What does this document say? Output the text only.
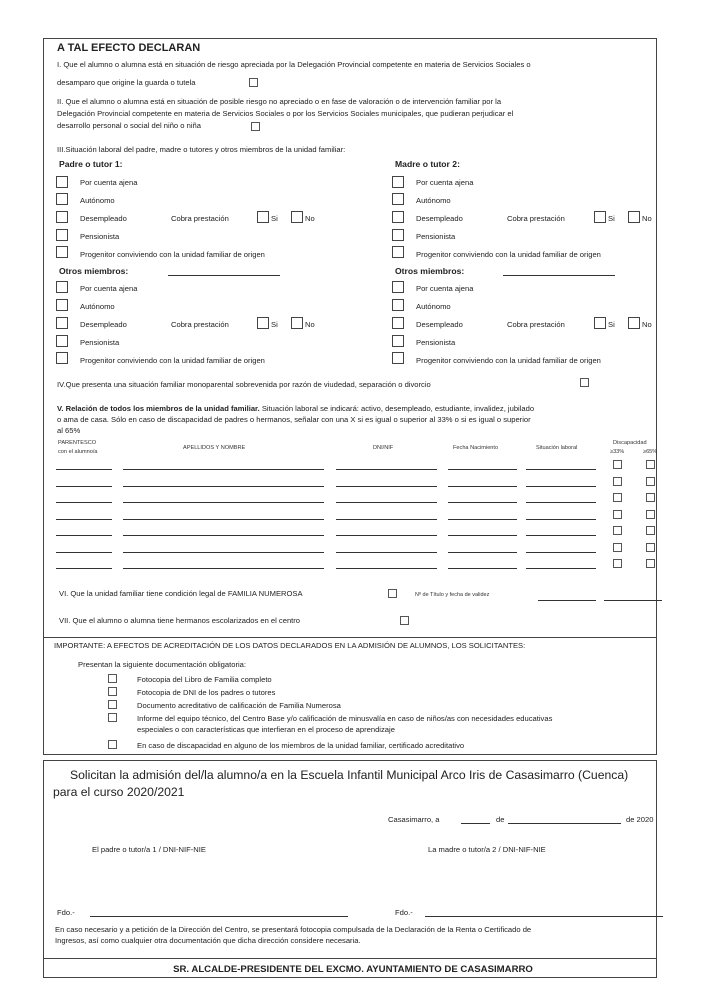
A TAL EFECTO DECLARAN
I. Que el alumno o alumna está en situación de riesgo apreciada por la Delegación Provincial competente en materia de Servicios Sociales o
desamparo que origine la guarda o tutela
II. Que el alumno o alumna está en situación de posible riesgo no apreciado o en fase de valoración o de intervención familiar por la
Delegación Provincial competente en materia de Servicios Sociales o por los Servicios Sociales municipales, que pudieran perjudicar el
desarrollo personal o social del niño o niña
III.Situación laboral del padre, madre o tutores y otros miembros de la unidad familiar:
Padre o tutor 1:	Madre o tutor 2:
Por cuenta ajena
Autónomo
Desempleado	Cobra prestación	Si	No
Pensionista
Progenitor conviviendo con la unidad familiar de origen
Por cuenta ajena
Autónomo
Desempleado	Cobra prestación	Si	No
Pensionista
Progenitor conviviendo con la unidad familiar de origen
Otros miembros:	Otros miembros:
Por cuenta ajena
Autónomo
Desempleado	Cobra prestación	Si	No
Pensionista
Progenitor conviviendo con la unidad familiar de origen
Por cuenta ajena
Autónomo
Desempleado	Cobra prestación	Si	No
Pensionista
Progenitor conviviendo con la unidad familiar de origen
IV.Que presenta una situación familiar monoparental sobrevenida por razón de viudedad, separación o divorcio
V. Relación de todos los miembros de la unidad familiar. Situación laboral se indicará: activo, desempleado, estudiante, invalidez, jubilado
o ama de casa. Sólo en caso de discapacidad de padres o hermanos, señalar con una X si es igual o superior al 33% o si es igual o superior
al 65%
PARENTESCO
con el alumno/a
APELLIDOS Y NOMBRE	DNI/NIF	Fecha Nacimiento	Situación laboral
Discapacidad
≥33%	≥65%
VI. Que la unidad familiar tiene condición legal de FAMILIA NUMEROSA	Nº de Título y fecha de validez
VII. Que el alumno o alumna tiene hermanos escolarizados en el centro
IMPORTANTE: A EFECTOS DE ACREDITACIÓN DE LOS DATOS DECLARADOS EN LA ADMISIÓN DE ALUMNOS, LOS SOLICITANTES:
Presentan la siguiente documentación obligatoria:
Fotocopia del Libro de Familia completo
Fotocopia de DNI de los padres o tutores
Documento acreditativo de calificación de Familia Numerosa
Informe del equipo técnico, del Centro Base y/o calificación de minusvalía en caso de niños/as con necesidades educativas
especiales o con características que interfieran en el proceso de aprendizaje
En caso de discapacidad en alguno de los miembros de la unidad familiar, certificado acreditativo
Solicitan la admisión del/la alumno/a en la Escuela Infantil Municipal Arco Iris de Casasimarro (Cuenca)
para el curso 2020/2021
Casasimarro, a	de	de 2020
El padre o tutor/a 1 / DNI-NIF-NIE	La madre o tutor/a 2 / DNI-NIF-NIE
Fdo.-	Fdo.-
En caso necesario y a petición de la Dirección del Centro, se presentará fotocopia compulsada de la Declaración de la Renta o Certificado de
Ingresos, así como cualquier otra documentación que dicha dirección considere necesaria.
SR. ALCALDE-PRESIDENTE DEL EXCMO. AYUNTAMIENTO DE CASASIMARRO
